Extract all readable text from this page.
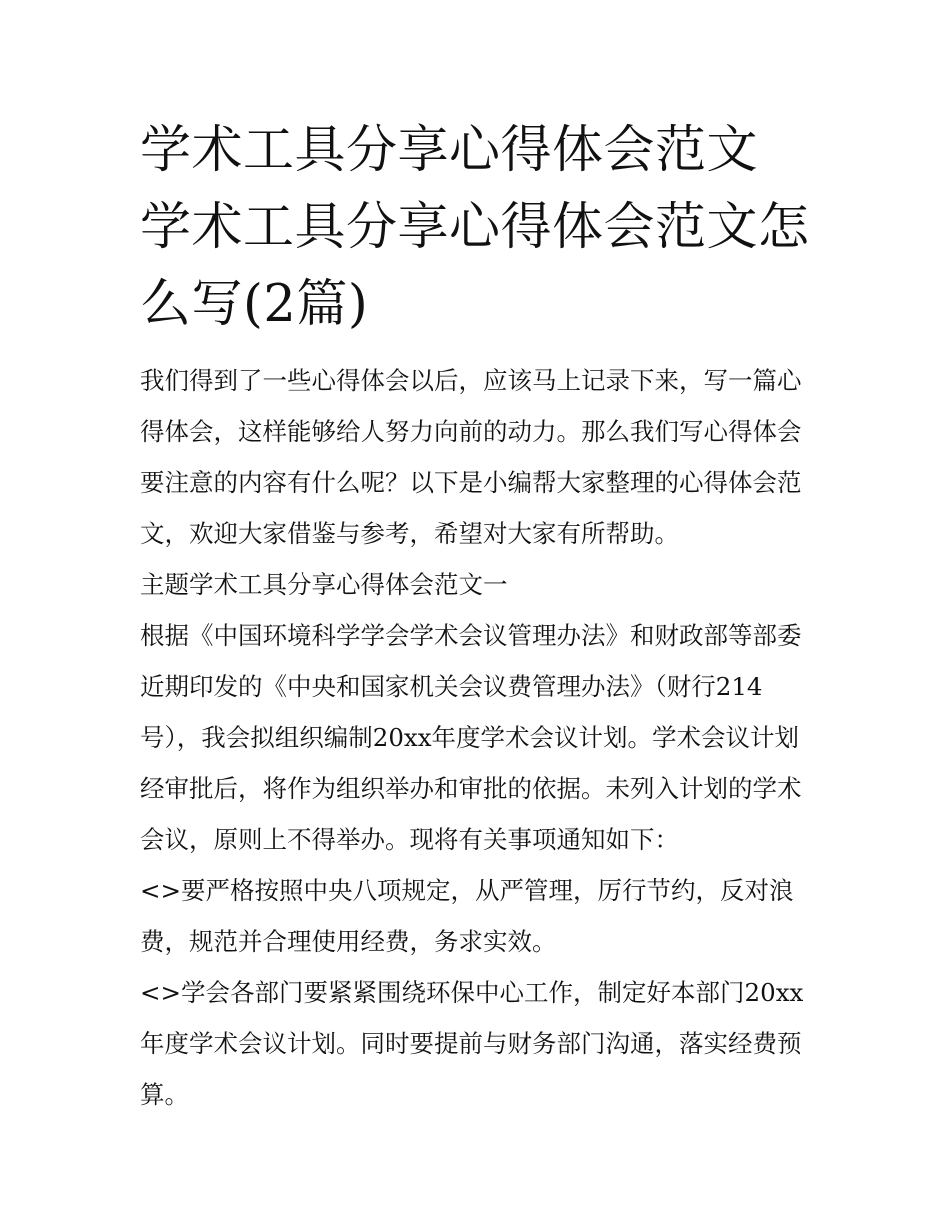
学术工具分享心得体会范文 学术工具分享心得体会范文怎么写(2篇)

我们得到了一些心得体会以后，应该马上记录下来，写一篇心得体会，这样能够给人努力向前的动力。那么我们写心得体会要注意的内容有什么呢？以下是小编帮大家整理的心得体会范文，欢迎大家借鉴与参考，希望对大家有所帮助。

主题学术工具分享心得体会范文一

根据《中国环境科学学会学术会议管理办法》和财政部等部委近期印发的《中央和国家机关会议费管理办法》（财行214号），我会拟组织编制20xx年度学术会议计划。学术会议计划经审批后，将作为组织举办和审批的依据。未列入计划的学术会议，原则上不得举办。现将有关事项通知如下：

<>要严格按照中央八项规定，从严管理，厉行节约，反对浪费，规范并合理使用经费，务求实效。

<>学会各部门要紧紧围绕环保中心工作，制定好本部门20xx年度学术会议计划。同时要提前与财务部门沟通，落实经费预算。
